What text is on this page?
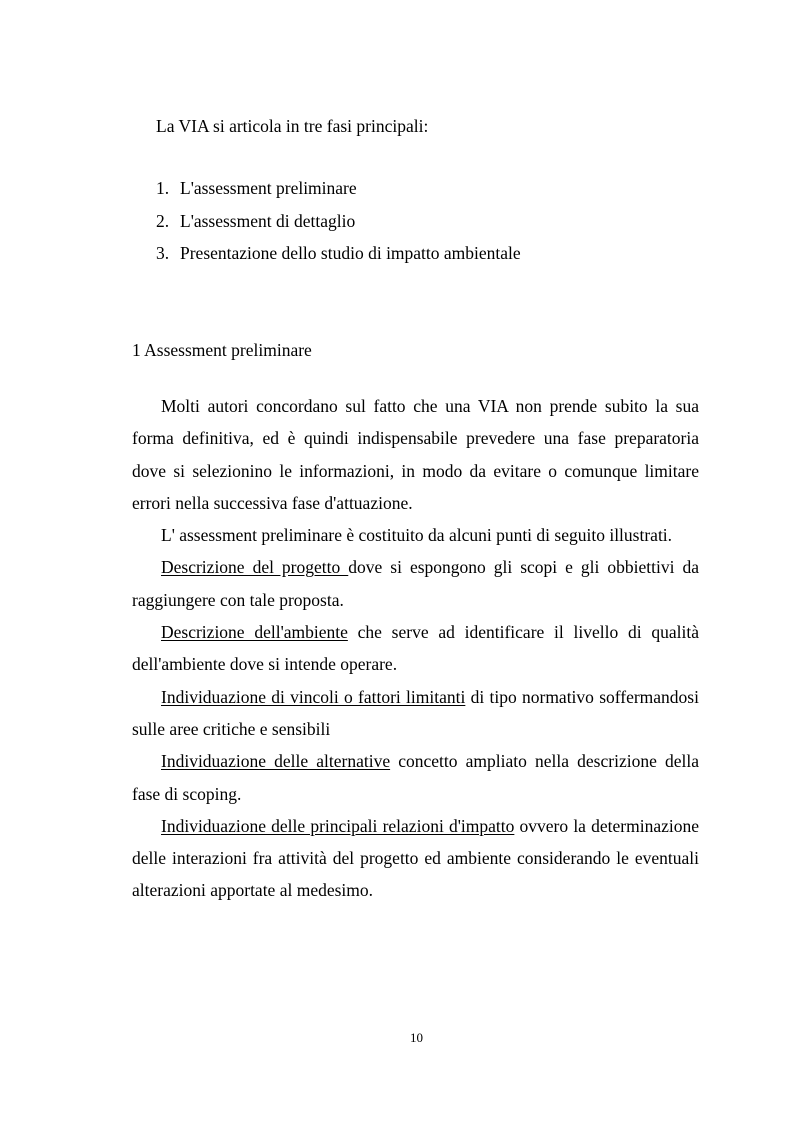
La VIA si articola in tre fasi principali:

1. L'assessment preliminare
2. L'assessment di dettaglio
3. Presentazione dello studio di impatto ambientale
1 Assessment preliminare

Molti autori concordano sul fatto che una VIA non prende subito la sua forma definitiva, ed è quindi indispensabile prevedere una fase preparatoria dove si selezionino le informazioni, in modo da evitare o comunque limitare errori nella successiva fase d'attuazione.

L' assessment preliminare è costituito da alcuni punti di seguito illustrati.

Descrizione del progetto dove si espongono gli scopi e gli obbiettivi da raggiungere con tale proposta.

Descrizione dell'ambiente che serve ad identificare il livello di qualità dell'ambiente dove si intende operare.

Individuazione di vincoli o fattori limitanti di tipo normativo soffermandosi sulle aree critiche e sensibili

Individuazione delle alternative concetto ampliato nella descrizione della fase di scoping.

Individuazione delle principali relazioni d'impatto ovvero la determinazione delle interazioni fra attività del progetto ed ambiente considerando le eventuali alterazioni apportate al medesimo.

10
